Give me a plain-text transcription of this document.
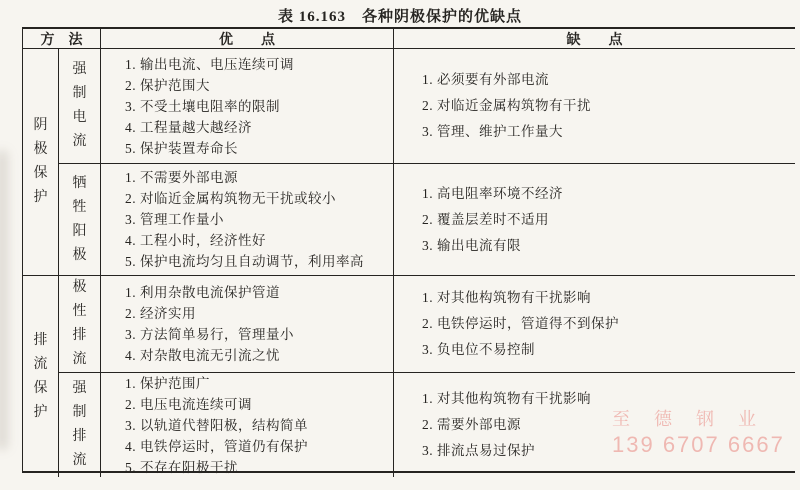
表 16.163　各种阴极保护的优缺点
方　法	优　　点	缺　　点
阴
极
保
护
强
制
电
流
1. 输出电流、电压连续可调
2. 保护范围大
3. 不受土壤电阻率的限制
4. 工程量越大越经济
5. 保护装置寿命长
1. 必须要有外部电流
2. 对临近金属构筑物有干扰
3. 管理、维护工作量大
牺
牲
阳
极
1. 不需要外部电源
2. 对临近金属构筑物无干扰或较小
3. 管理工作量小
4. 工程小时，经济性好
5. 保护电流均匀且自动调节，利用率高
1. 高电阻率环境不经济
2. 覆盖层差时不适用
3. 输出电流有限
排
流
保
护
极
性
排
流
1. 利用杂散电流保护管道
2. 经济实用
3. 方法简单易行，管理量小
4. 对杂散电流无引流之忧
1. 对其他构筑物有干扰影响
2. 电铁停运时，管道得不到保护
3. 负电位不易控制
强
制
排
流
1. 保护范围广
2. 电压电流连续可调
3. 以轨道代替阳极，结构简单
4. 电铁停运时，管道仍有保护
5. 不存在阳极干扰
1. 对其他构筑物有干扰影响
2. 需要外部电源
3. 排流点易过保护
至德钢业
139 6707 6667
